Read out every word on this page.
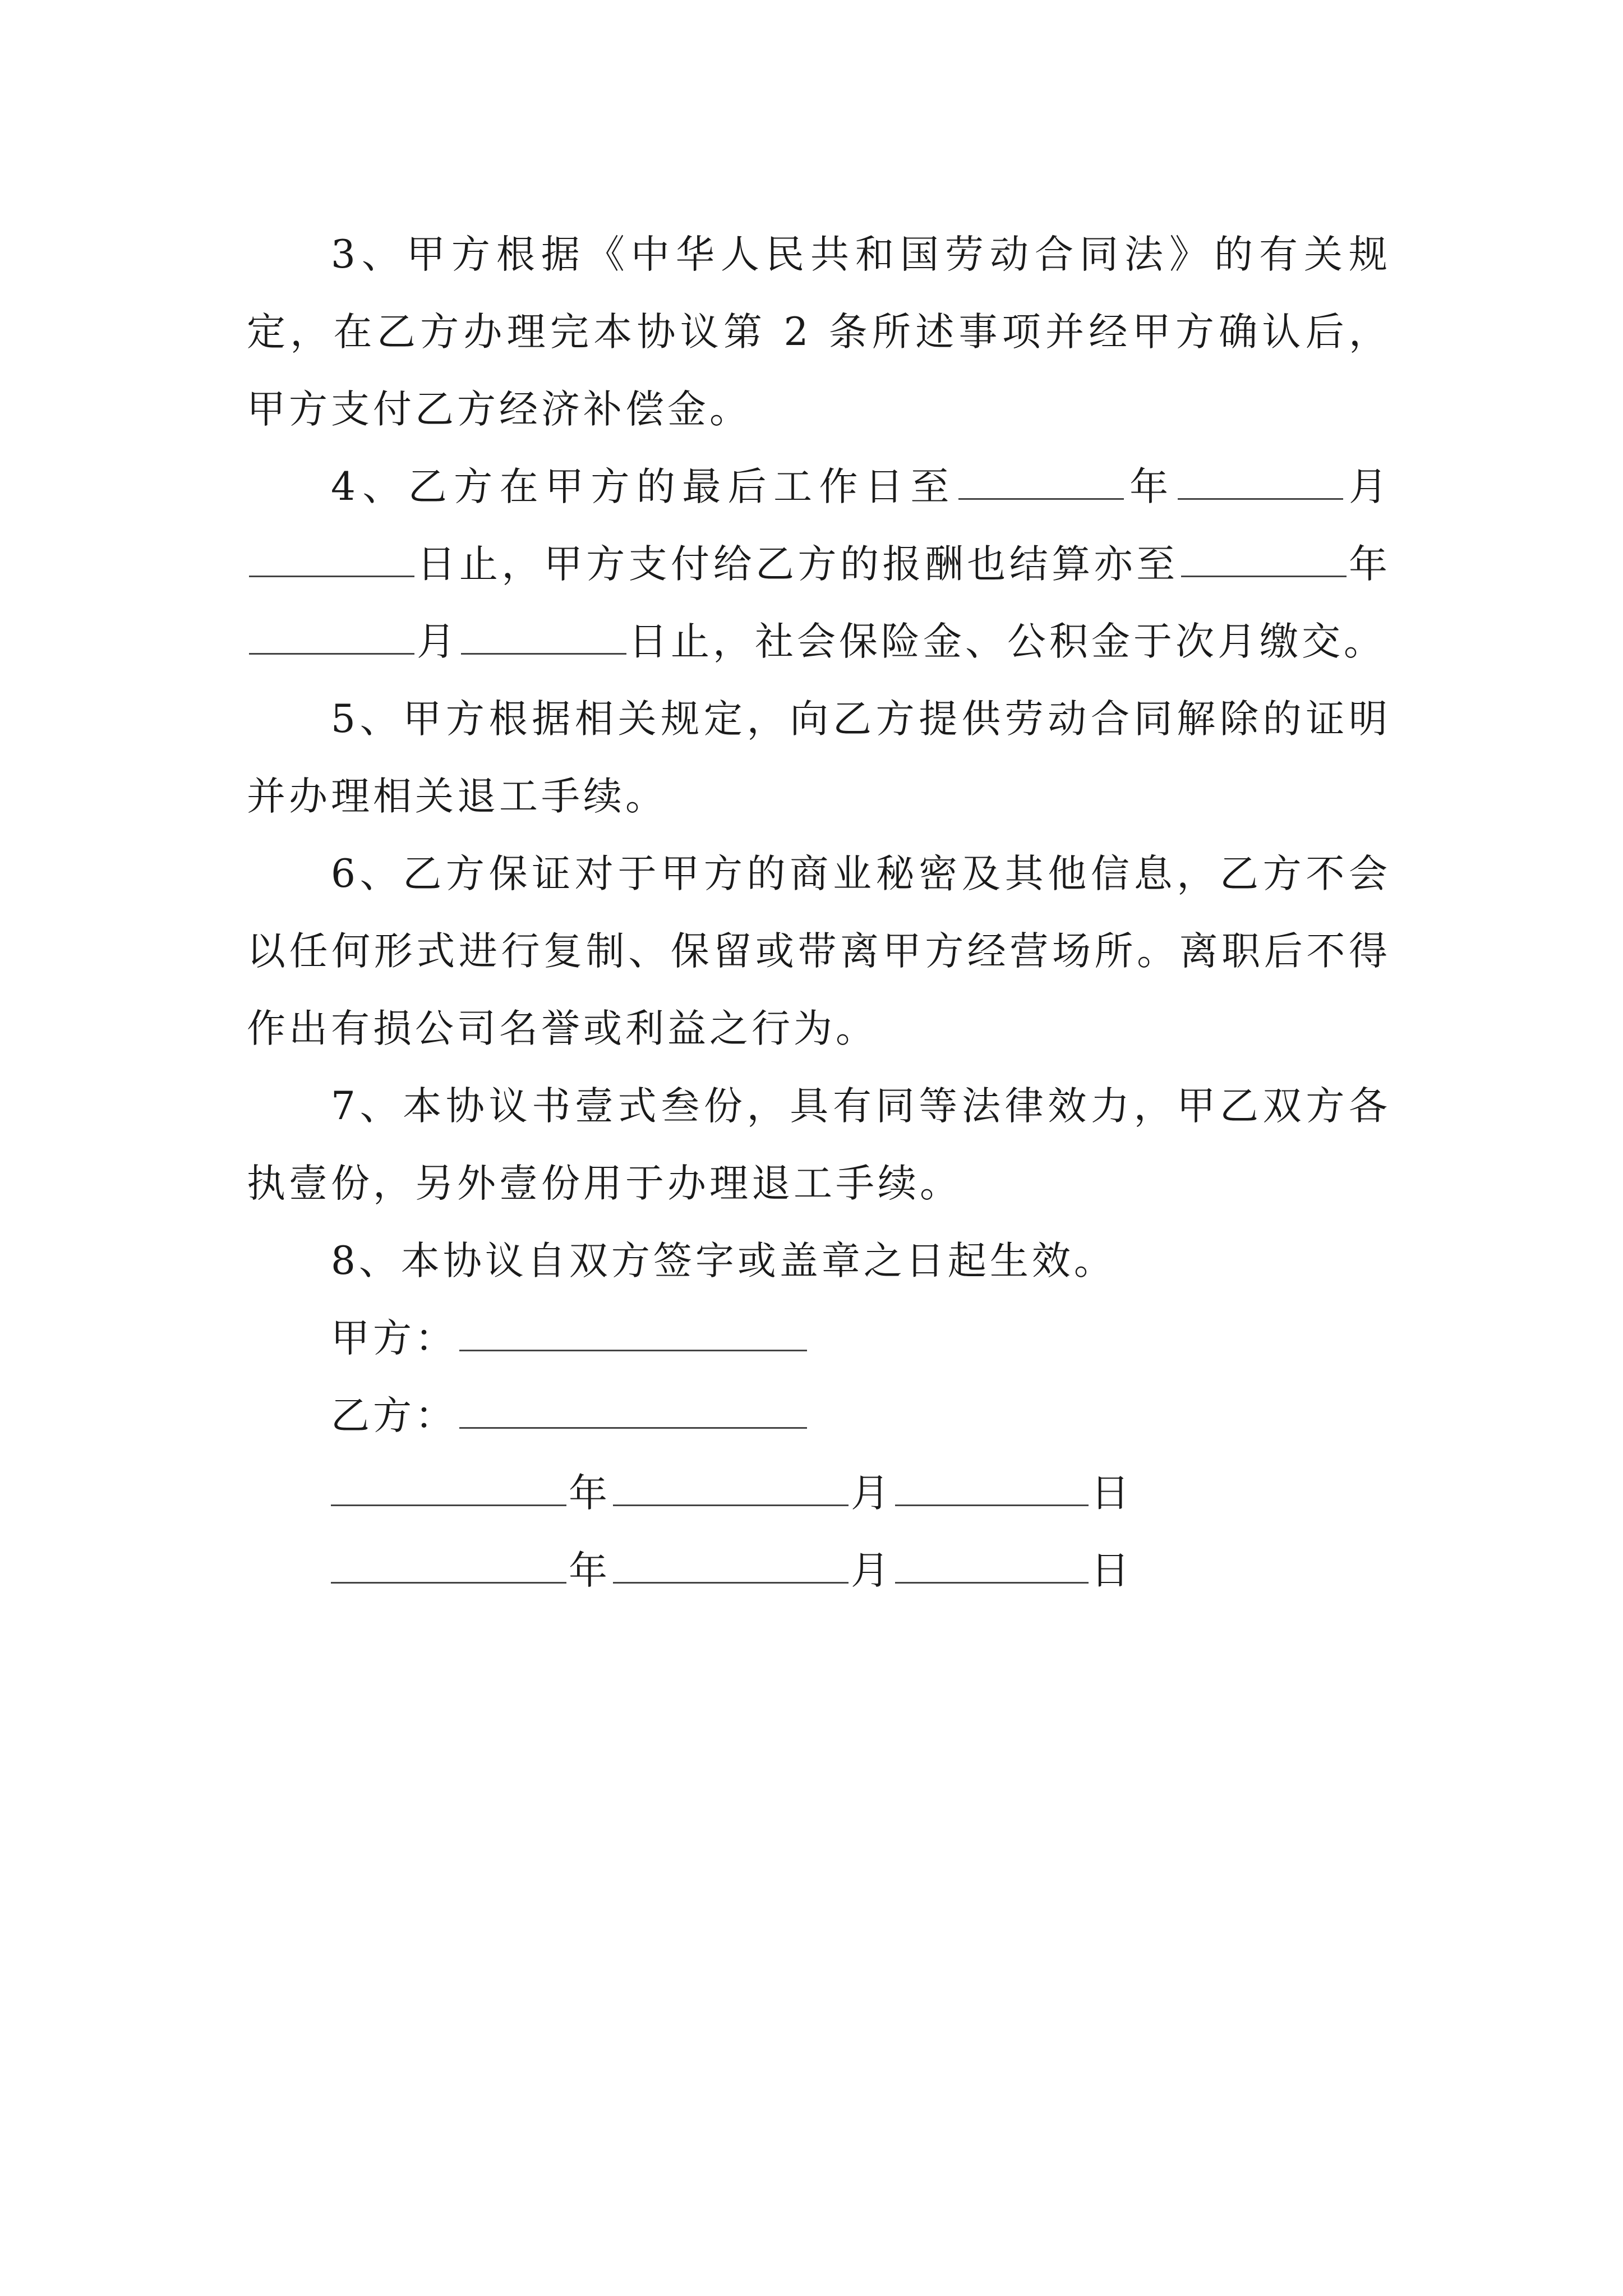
3、甲方根据《中华人民共和国劳动合同法》的有关规定，在乙方办理完本协议第 2 条所述事项并经甲方确认后，甲方支付乙方经济补偿金。

4、乙方在甲方的最后工作日至	年	月日止，甲方支付给乙方的报酬也结算亦至	年月	日止，社会保险金、公积金于次月缴交。

5、甲方根据相关规定，向乙方提供劳动合同解除的证明并办理相关退工手续。

6、乙方保证对于甲方的商业秘密及其他信息，乙方不会以任何形式进行复制、保留或带离甲方经营场所。离职后不得作出有损公司名誉或利益之行为。

7、本协议书壹式叁份，具有同等法律效力，甲乙双方各执壹份，另外壹份用于办理退工手续。

8、本协议自双方签字或盖章之日起生效。

甲方：

乙方：

年	月	日

年	月	日
